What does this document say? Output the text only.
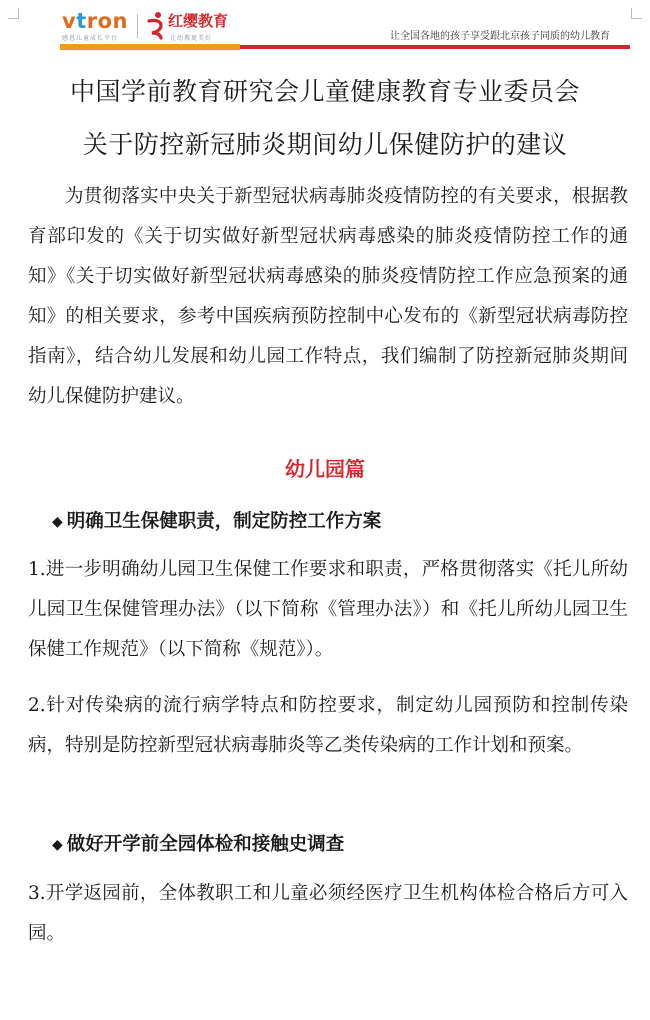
vtron
感恩儿童成长平台
红缨教育
让幼教更美好	让全国各地的孩子享受跟北京孩子同质的幼儿教育
中国学前教育研究会儿童健康教育专业委员会
关于防控新冠肺炎期间幼儿保健防护的建议
为贯彻落实中央关于新型冠状病毒肺炎疫情防控的有关要求，根据教育部印发的《关于切实做好新型冠状病毒感染的肺炎疫情防控工作的通知》《关于切实做好新型冠状病毒感染的肺炎疫情防控工作应急预案的通知》的相关要求，参考中国疾病预防控制中心发布的《新型冠状病毒防控指南》，结合幼儿发展和幼儿园工作特点，我们编制了防控新冠肺炎期间幼儿保健防护建议。
幼儿园篇
◆ 明确卫生保健职责，制定防控工作方案
1.进一步明确幼儿园卫生保健工作要求和职责，严格贯彻落实《托儿所幼儿园卫生保健管理办法》（以下简称《管理办法》）和《托儿所幼儿园卫生保健工作规范》（以下简称《规范》）。
2.针对传染病的流行病学特点和防控要求，制定幼儿园预防和控制传染病，特别是防控新型冠状病毒肺炎等乙类传染病的工作计划和预案。
◆ 做好开学前全园体检和接触史调查
3.开学返园前，全体教职工和儿童必须经医疗卫生机构体检合格后方可入园。
